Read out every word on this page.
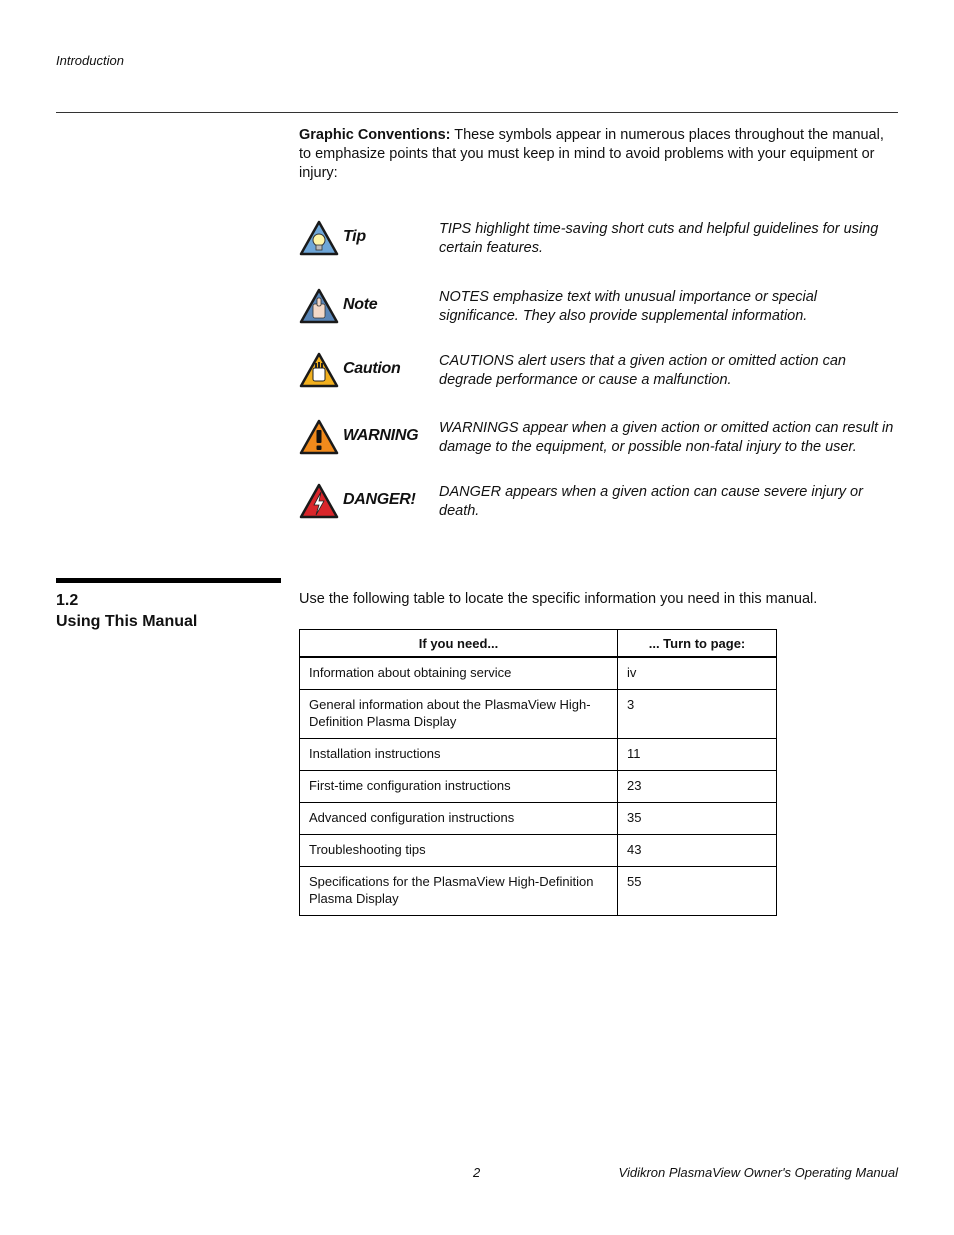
Introduction
Graphic Conventions: These symbols appear in numerous places throughout the manual, to emphasize points that you must keep in mind to avoid problems with your equipment or injury:
Tip	TIPS highlight time-saving short cuts and helpful guidelines for using certain features.
Note	NOTES emphasize text with unusual importance or special significance. They also provide supplemental information.
Caution	CAUTIONS alert users that a given action or omitted action can degrade performance or cause a malfunction.
WARNING WARNINGS appear when a given action or omitted action can result in damage to the equipment, or possible non-fatal injury to the user.
DANGER! DANGER appears when a given action can cause severe injury or death.
1.2
Using This Manual
Use the following table to locate the specific information you need in this manual.
If you need...	... Turn to page:
Information about obtaining service	iv
General information about the PlasmaView High-Definition Plasma Display	3
Installation instructions	11
First-time configuration instructions	23
Advanced configuration instructions	35
Troubleshooting tips	43
Specifications for the PlasmaView High-Definition Plasma Display	55
2	Vidikron PlasmaView Owner's Operating Manual
